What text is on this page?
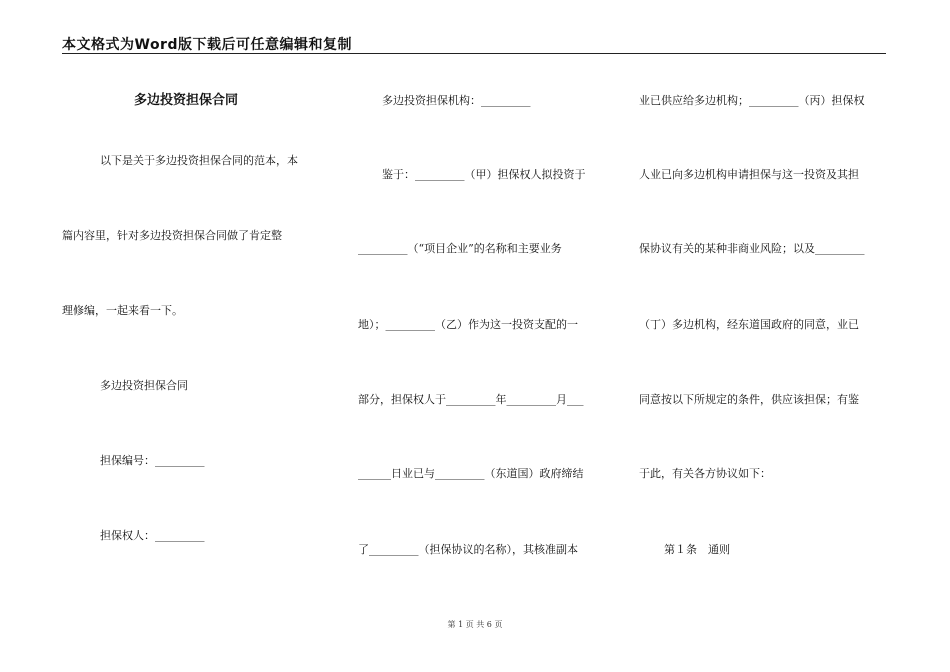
本文格式为Word版下载后可任意编辑和复制
多边投资担保合同
以下是关于多边投资担保合同的范本，本
篇内容里，针对多边投资担保合同做了肯定整
理修编，一起来看一下。
多边投资担保合同
担保编号：_________
担保权人：_________
多边投资担保机构：_________
鉴于：_________（甲）担保权人拟投资于
_________（“项目企业”的名称和主要业务
地）；_________（乙）作为这一投资支配的一
部分，担保权人于_________年_________月___
______日业已与_________（东道国）政府缔结
了_________（担保协议的名称），其核准副本
业已供应给多边机构；_________（丙）担保权
人业已向多边机构申请担保与这一投资及其担
保协议有关的某种非商业风险；以及_________
（丁）多边机构，经东道国政府的同意，业已
同意按以下所规定的条件，供应该担保；有鉴
于此，有关各方协议如下：
第１条　通则
第 1 页 共 6 页
